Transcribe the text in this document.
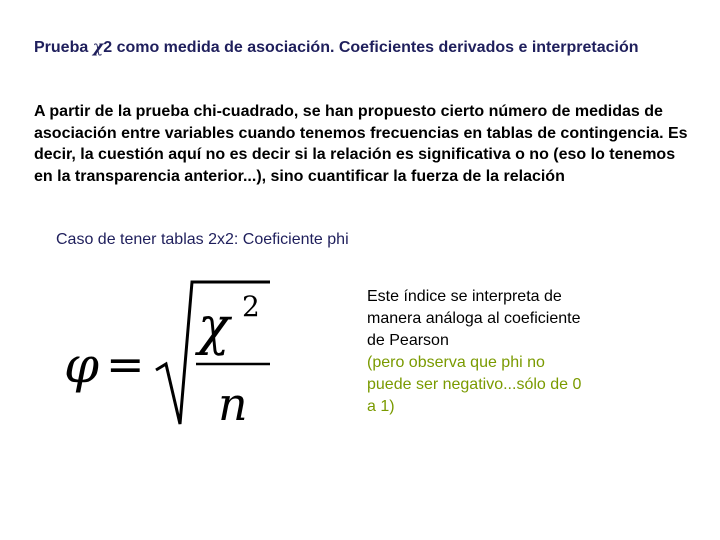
Prueba χ2 como medida de asociación. Coeficientes derivados e interpretación
A partir de la prueba chi-cuadrado, se han propuesto cierto número de medidas de asociación entre variables cuando tenemos frecuencias en tablas de contingencia. Es decir, la cuestión aquí no es decir si la relación es significativa o no (eso lo tenemos en la transparencia anterior...), sino cuantificar la fuerza de la relación
Caso de tener tablas 2x2: Coeficiente phi
φ =
χ 2
n
Este índice se interpreta de manera análoga al coeficiente de Pearson
(pero observa que phi no puede ser negativo...sólo de 0 a 1)
